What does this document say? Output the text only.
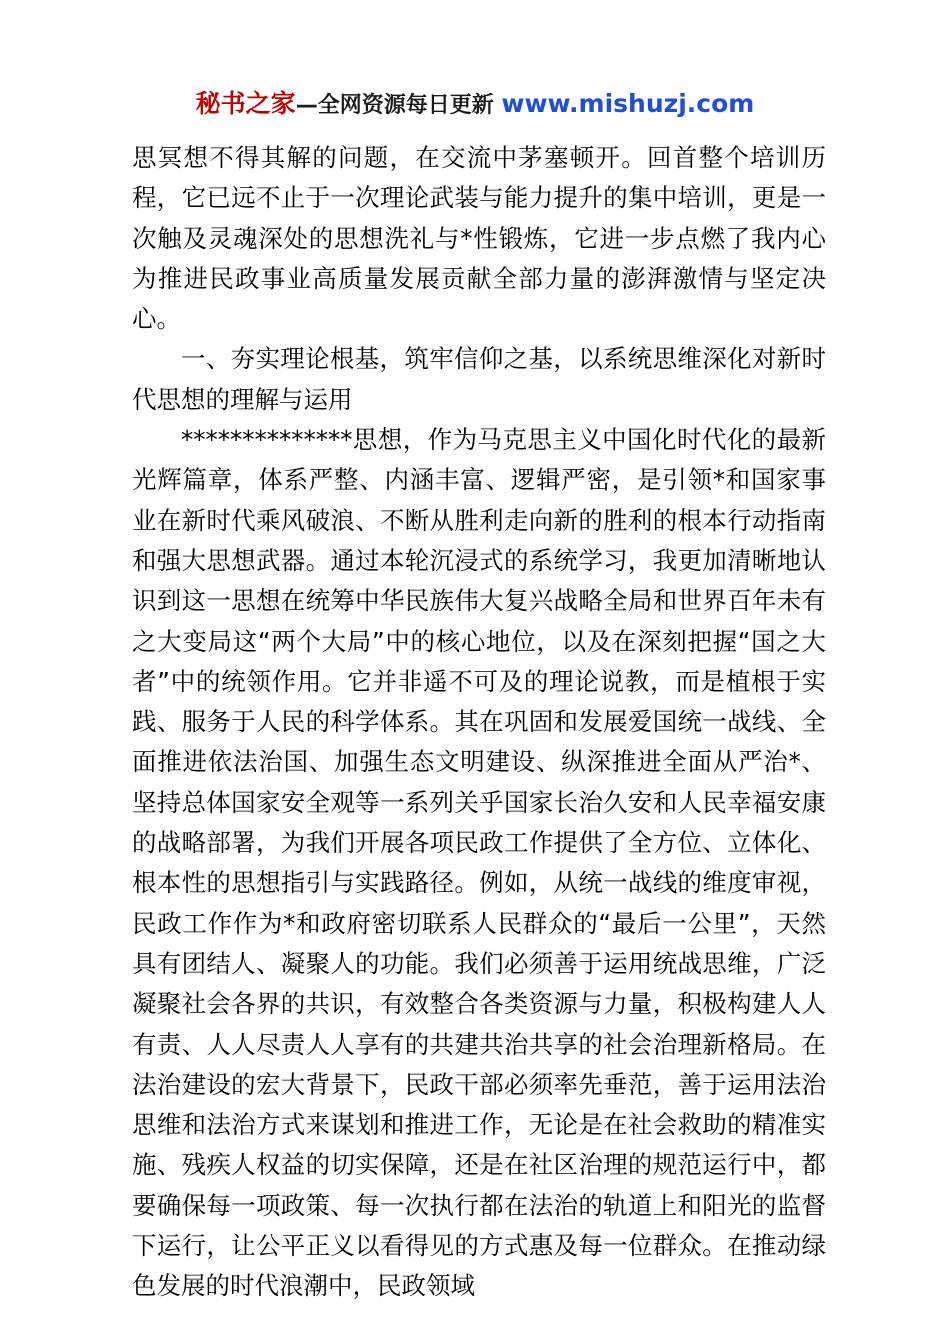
秘书之家—全网资源每日更新 www.mishuzj.com

思冥想不得其解的问题，在交流中茅塞顿开。回首整个培训历程，它已远不止于一次理论武装与能力提升的集中培训，更是一次触及灵魂深处的思想洗礼与*性锻炼，它进一步点燃了我内心为推进民政事业高质量发展贡献全部力量的澎湃激情与坚定决心。

一、夯实理论根基，筑牢信仰之基，以系统思维深化对新时代思想的理解与运用

**************思想，作为马克思主义中国化时代化的最新光辉篇章，体系严整、内涵丰富、逻辑严密，是引领*和国家事业在新时代乘风破浪、不断从胜利走向新的胜利的根本行动指南和强大思想武器。通过本轮沉浸式的系统学习，我更加清晰地认识到这一思想在统筹中华民族伟大复兴战略全局和世界百年未有之大变局这“两个大局”中的核心地位，以及在深刻把握“国之大者”中的统领作用。它并非遥不可及的理论说教，而是植根于实践、服务于人民的科学体系。其在巩固和发展爱国统一战线、全面推进依法治国、加强生态文明建设、纵深推进全面从严治*、坚持总体国家安全观等一系列关乎国家长治久安和人民幸福安康的战略部署，为我们开展各项民政工作提供了全方位、立体化、根本性的思想指引与实践路径。例如，从统一战线的维度审视，民政工作作为*和政府密切联系人民群众的“最后一公里”，天然具有团结人、凝聚人的功能。我们必须善于运用统战思维，广泛凝聚社会各界的共识，有效整合各类资源与力量，积极构建人人有责、人人尽责人人享有的共建共治共享的社会治理新格局。在法治建设的宏大背景下，民政干部必须率先垂范，善于运用法治思维和法治方式来谋划和推进工作，无论是在社会救助的精准实施、残疾人权益的切实保障，还是在社区治理的规范运行中，都要确保每一项政策、每一次执行都在法治的轨道上和阳光的监督下运行，让公平正义以看得见的方式惠及每一位群众。在推动绿色发展的时代浪潮中，民政领域
